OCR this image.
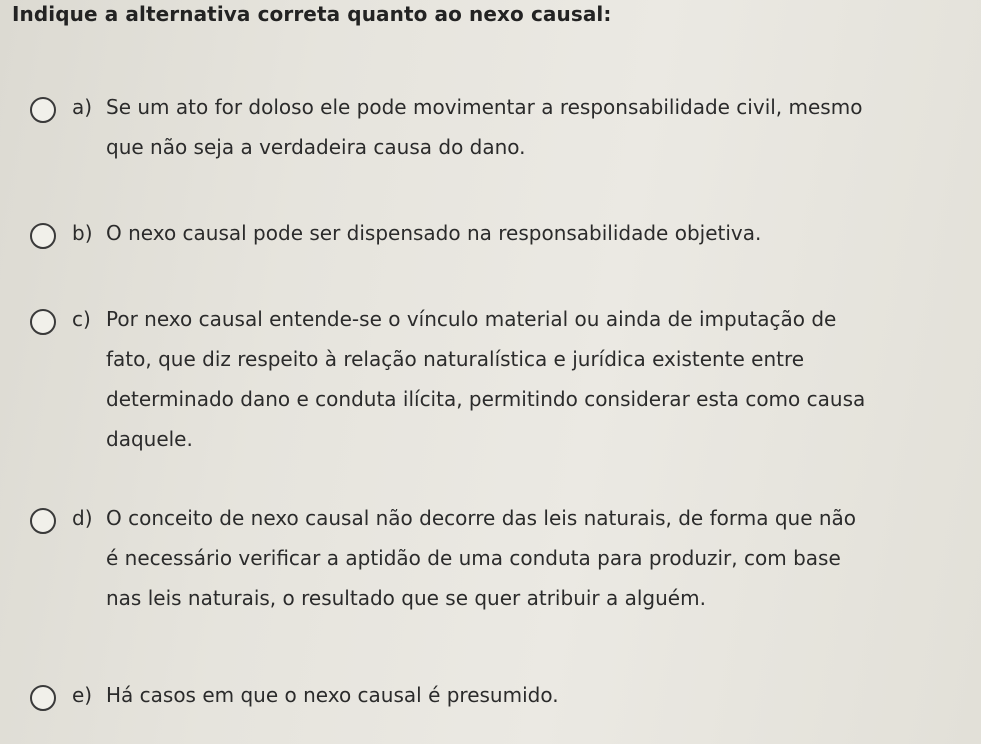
Indique a alternativa correta quanto ao nexo causal:
a) Se um ato for doloso ele pode movimentar a responsabilidade civil, mesmo
que não seja a verdadeira causa do dano.
b) O nexo causal pode ser dispensado na responsabilidade objetiva.
c) Por nexo causal entende-se o vínculo material ou ainda de imputação de
fato, que diz respeito à relação naturalística e jurídica existente entre
determinado dano e conduta ilícita, permitindo considerar esta como causa
daquele.
d) O conceito de nexo causal não decorre das leis naturais, de forma que não
é necessário verificar a aptidão de uma conduta para produzir, com base
nas leis naturais, o resultado que se quer atribuir a alguém.
e) Há casos em que o nexo causal é presumido.
